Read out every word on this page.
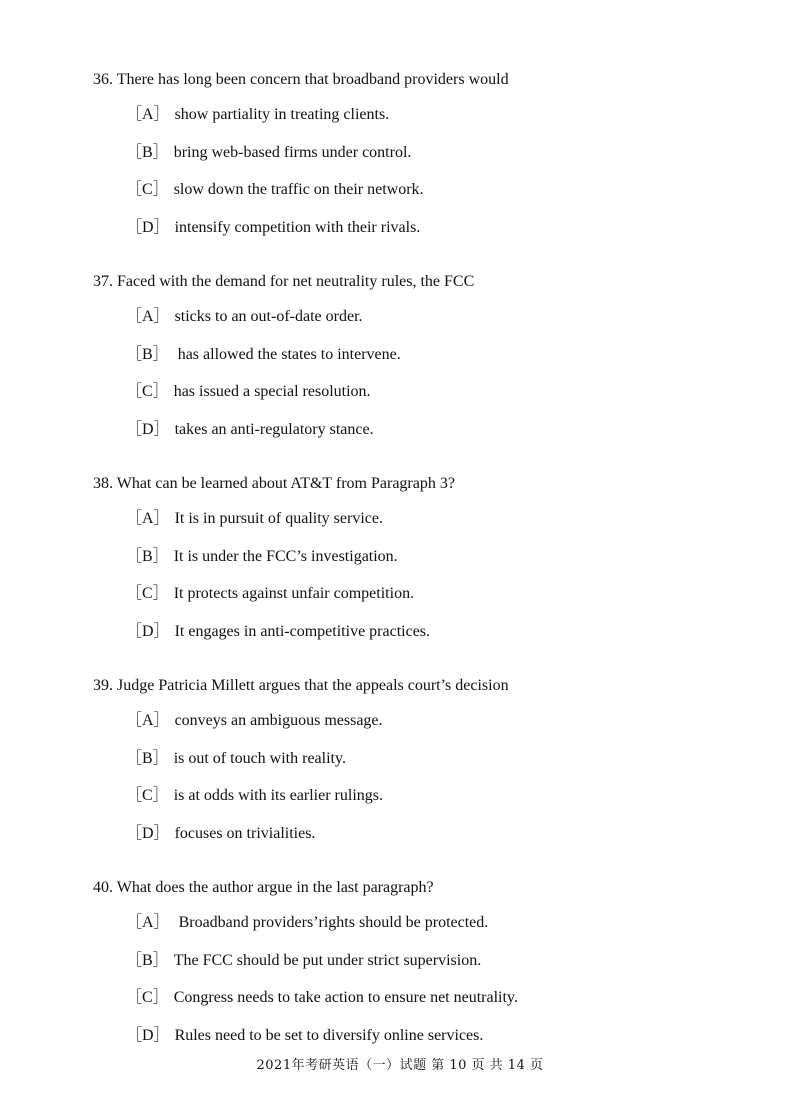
36. There has long been concern that broadband providers would
［A］ show partiality in treating clients.
［B］ bring web-based firms under control.
［C］ slow down the traffic on their network.
［D］ intensify competition with their rivals.
37. Faced with the demand for net neutrality rules, the FCC
［A］ sticks to an out-of-date order.
［B］ has allowed the states to intervene.
［C］ has issued a special resolution.
［D］ takes an anti-regulatory stance.
38. What can be learned about AT&T from Paragraph 3?
［A］ It is in pursuit of quality service.
［B］ It is under the FCC’s investigation.
［C］ It protects against unfair competition.
［D］ It engages in anti-competitive practices.
39. Judge Patricia Millett argues that the appeals court’s decision
［A］ conveys an ambiguous message.
［B］ is out of touch with reality.
［C］ is at odds with its earlier rulings.
［D］ focuses on trivialities.
40. What does the author argue in the last paragraph?
［A］ Broadband providers’rights should be protected.
［B］ The FCC should be put under strict supervision.
［C］ Congress needs to take action to ensure net neutrality.
［D］ Rules need to be set to diversify online services.
2021年考研英语（一）试题 第 10 页 共 14 页
